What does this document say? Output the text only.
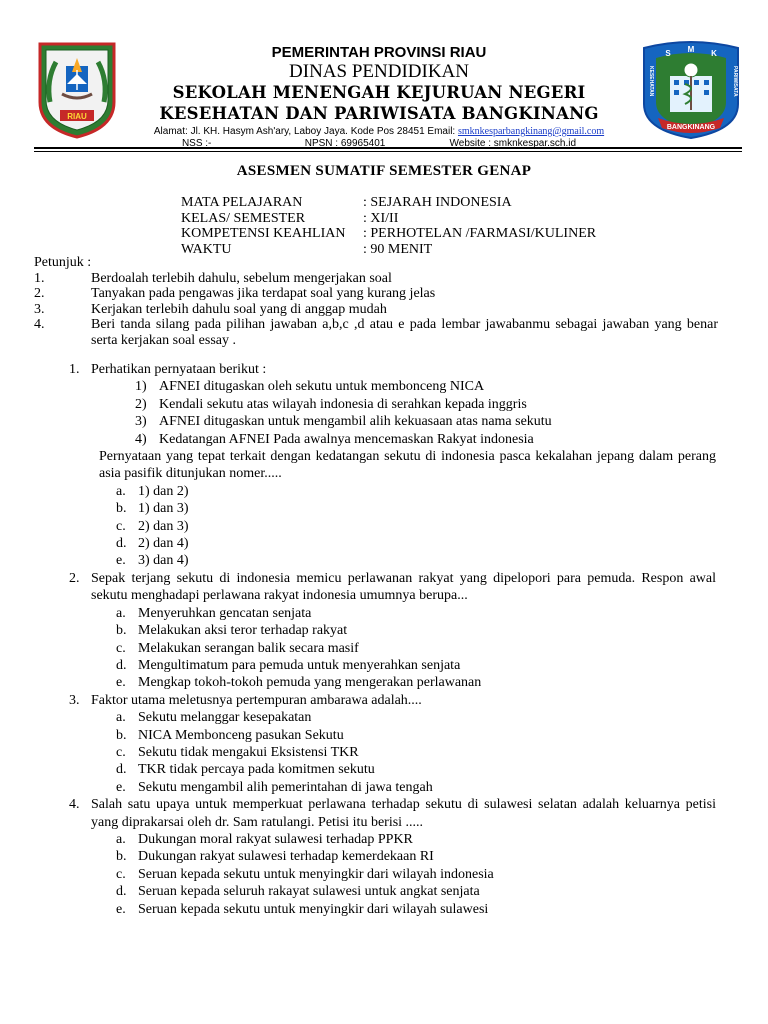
RIAU
PEMERINTAH PROVINSI RIAU
DINAS PENDIDIKAN
SEKOLAH MENENGAH KEJURUAN NEGERI
KESEHATAN DAN PARIWISATA BANGKINANG
Alamat: Jl. KH. Hasym Ash'ary, Laboy Jaya. Kode Pos 28451 Email: smknkesparbangkinang@gmail.com
NSS :-	NPSN : 69965401	Website : smknkespar.sch.id
M
S	K
KESEHATAN	PARIWISATA
BANGKINANG
ASESMEN SUMATIF SEMESTER GENAP
MATA PELAJARAN	: SEJARAH INDONESIA
KELAS/ SEMESTER	: XI/II
KOMPETENSI KEAHLIAN	: PERHOTELAN /FARMASI/KULINER
WAKTU	: 90 MENIT
Petunjuk :
1.	Berdoalah terlebih dahulu, sebelum mengerjakan soal
2.	Tanyakan pada pengawas jika terdapat soal yang kurang jelas
3.	Kerjakan terlebih dahulu soal yang di anggap mudah
4.	Beri tanda silang pada pilihan jawaban a,b,c ,d atau e pada lembar jawabanmu sebagai jawaban yang benar serta kerjakan soal essay .
1. Perhatikan pernyataan berikut :
1) AFNEI ditugaskan oleh sekutu untuk membonceng NICA
2) Kendali sekutu atas wilayah indonesia di serahkan kepada inggris
3) AFNEI ditugaskan untuk mengambil alih kekuasaan atas nama sekutu
4) Kedatangan AFNEI Pada awalnya mencemaskan Rakyat indonesia
Pernyataan yang tepat terkait dengan kedatangan sekutu di indonesia pasca kekalahan jepang dalam perang asia pasifik ditunjukan nomer.....
a. 1) dan 2)
b. 1) dan 3)
c. 2) dan 3)
d. 2) dan 4)
e. 3) dan 4)
2. Sepak terjang sekutu di indonesia memicu perlawanan rakyat yang dipelopori para pemuda. Respon awal sekutu menghadapi perlawana rakyat indonesia umumnya berupa...
a. Menyeruhkan gencatan senjata
b. Melakukan aksi teror terhadap rakyat
c. Melakukan serangan balik secara masif
d. Mengultimatum para pemuda untuk menyerahkan senjata
e. Mengkap tokoh-tokoh pemuda yang mengerakan perlawanan
3. Faktor utama meletusnya pertempuran ambarawa adalah....
a. Sekutu melanggar kesepakatan
b. NICA Membonceng pasukan Sekutu
c. Sekutu tidak mengakui Eksistensi TKR
d. TKR tidak percaya pada komitmen sekutu
e. Sekutu mengambil alih pemerintahan di jawa tengah
4. Salah satu upaya untuk memperkuat perlawana terhadap sekutu di sulawesi selatan adalah keluarnya petisi yang diprakarsai oleh dr. Sam ratulangi. Petisi itu berisi .....
a. Dukungan moral rakyat sulawesi terhadap PPKR
b. Dukungan rakyat sulawesi terhadap kemerdekaan RI
c. Seruan kepada sekutu untuk menyingkir dari wilayah indonesia
d. Seruan kepada seluruh rakayat sulawesi untuk angkat senjata
e. Seruan kepada sekutu untuk menyingkir dari wilayah sulawesi
